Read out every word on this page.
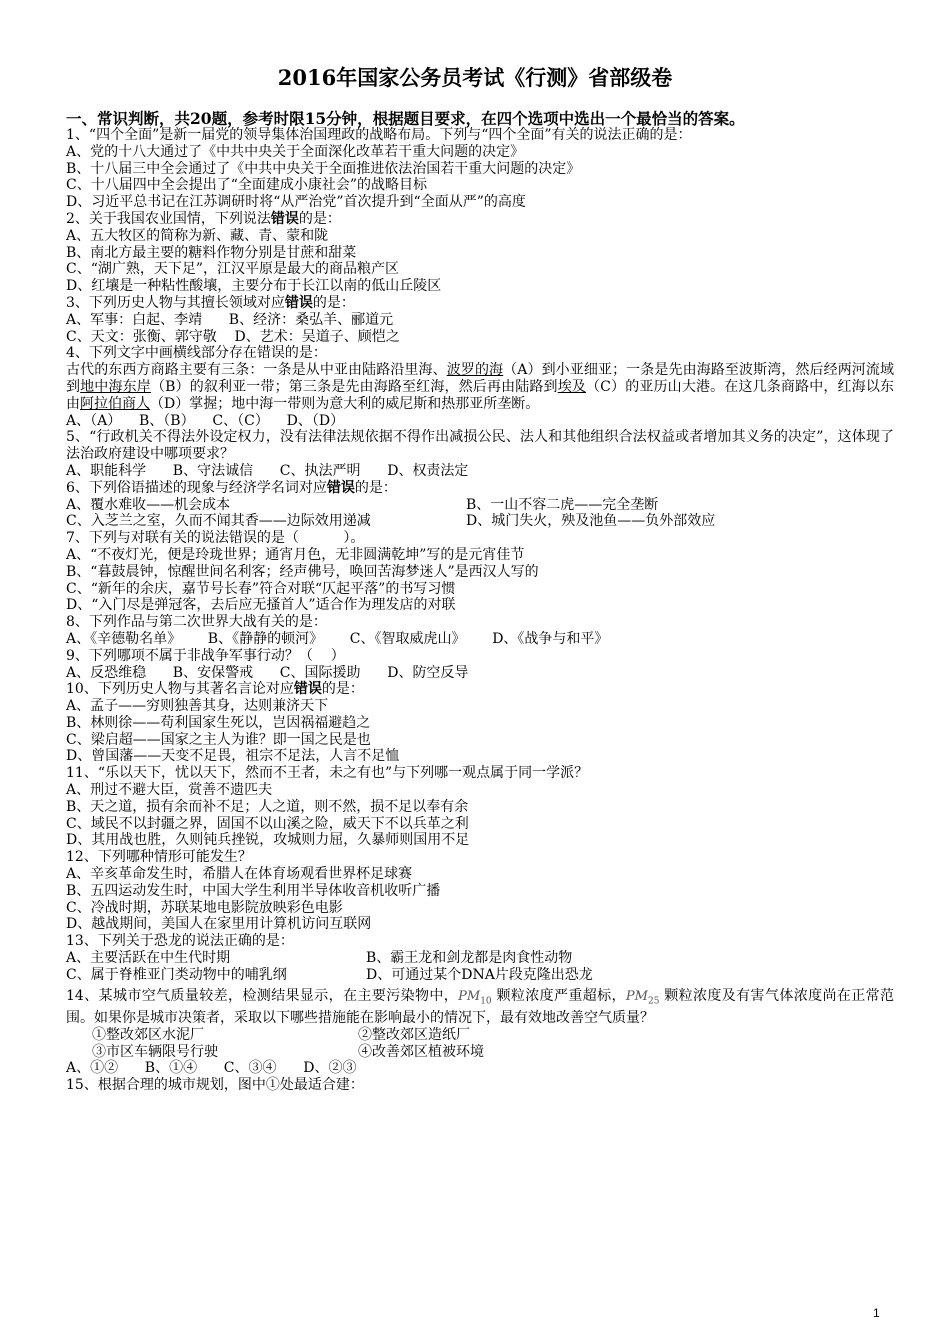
2016年国家公务员考试《行测》省部级卷
一、常识判断，共20题，参考时限15分钟，根据题目要求，在四个选项中选出一个最恰当的答案。
1、“四个全面”是新一届党的领导集体治国理政的战略布局。下列与“四个全面”有关的说法正确的是：
A、党的十八大通过了《中共中央关于全面深化改革若干重大问题的决定》
B、十八届三中全会通过了《中共中央关于全面推进依法治国若干重大问题的决定》
C、十八届四中全会提出了“全面建成小康社会”的战略目标
D、习近平总书记在江苏调研时将“从严治党”首次提升到“全面从严”的高度
2、关于我国农业国情，下列说法错误的是：
A、五大牧区的简称为新、藏、青、蒙和陇
B、南北方最主要的糖料作物分别是甘蔗和甜菜
C、“湖广熟，天下足”，江汉平原是最大的商品粮产区
D、红壤是一种粘性酸壤，主要分布于长江以南的低山丘陵区
3、下列历史人物与其擅长领域对应错误的是：
A、军事：白起、李靖      B、经济：桑弘羊、郦道元
C、天文：张衡、郭守敬    D、艺术：吴道子、顾恺之
4、下列文字中画横线部分存在错误的是：
古代的东西方商路主要有三条：一条是从中亚由陆路沿里海、波罗的海（A）到小亚细亚；一条是先由海路至波斯湾，然后经两河流域到地中海东岸（B）的叙利亚一带；第三条是先由海路至红海，然后再由陆路到埃及（C）的亚历山大港。在这几条商路中，红海以东由阿拉伯商人（D）掌握；地中海一带则为意大利的威尼斯和热那亚所垄断。
A、（A）    B、（B）    C、（C）    D、（D）
5、“行政机关不得法外设定权力，没有法律法规依据不得作出减损公民、法人和其他组织合法权益或者增加其义务的决定”，这体现了法治政府建设中哪项要求？
A、职能科学      B、守法诚信      C、执法严明      D、权责法定
6、下列俗语描述的现象与经济学名词对应错误的是：
A、覆水难收——机会成本	B、一山不容二虎——完全垄断
C、入芝兰之室，久而不闻其香——边际效用递减	D、城门失火，殃及池鱼——负外部效应
7、下列与对联有关的说法错误的是（          ）。
A、“不夜灯光，便是玲珑世界；通宵月色，无非圆满乾坤”写的是元宵佳节
B、“暮鼓晨钟，惊醒世间名利客；经声佛号，唤回苦海梦迷人”是西汉人写的
C、“新年的余庆，嘉节号长春”符合对联“仄起平落”的书写习惯
D、“入门尽是弹冠客，去后应无搔首人”适合作为理发店的对联
8、下列作品与第二次世界大战有关的是：
A、《辛德勒名单》      B、《静静的顿河》      C、《智取威虎山》      D、《战争与和平》
9、下列哪项不属于非战争军事行动？（    ）
A、反恐维稳      B、安保警戒      C、国际援助      D、防空反导
10、下列历史人物与其著名言论对应错误的是：
A、孟子——穷则独善其身，达则兼济天下
B、林则徐——苟利国家生死以，岂因祸福避趋之
C、梁启超——国家之主人为谁？即一国之民是也
D、曾国藩——天变不足畏，祖宗不足法，人言不足恤
11、“乐以天下，忧以天下，然而不王者，未之有也”与下列哪一观点属于同一学派？
A、刑过不避大臣，赏善不遗匹夫
B、天之道，损有余而补不足；人之道，则不然，损不足以奉有余
C、域民不以封疆之界，固国不以山溪之险，威天下不以兵革之利
D、其用战也胜，久则钝兵挫锐，攻城则力屈，久暴师则国用不足
12、下列哪种情形可能发生？
A、辛亥革命发生时，希腊人在体育场观看世界杯足球赛
B、五四运动发生时，中国大学生利用半导体收音机收听广播
C、冷战时期，苏联某地电影院放映彩色电影
D、越战期间，美国人在家里用计算机访问互联网
13、下列关于恐龙的说法正确的是：
A、主要活跃在中生代时期	B、霸王龙和剑龙都是肉食性动物
C、属于脊椎亚门类动物中的哺乳纲	D、可通过某个DNA片段克隆出恐龙
14、某城市空气质量较差，检测结果显示，在主要污染物中，$PM_{10}$ 颗粒浓度严重超标，$PM_{25}$ 颗粒浓度及有害气体浓度尚在正常范围。如果你是城市决策者，采取以下哪些措施能在影响最小的情况下，最有效地改善空气质量？
①整改郊区水泥厂	②整改郊区造纸厂
③市区车辆限号行驶	④改善郊区植被环境
A、①②      B、①④      C、③④      D、②③
15、根据合理的城市规划，图中①处最适合建：
1
